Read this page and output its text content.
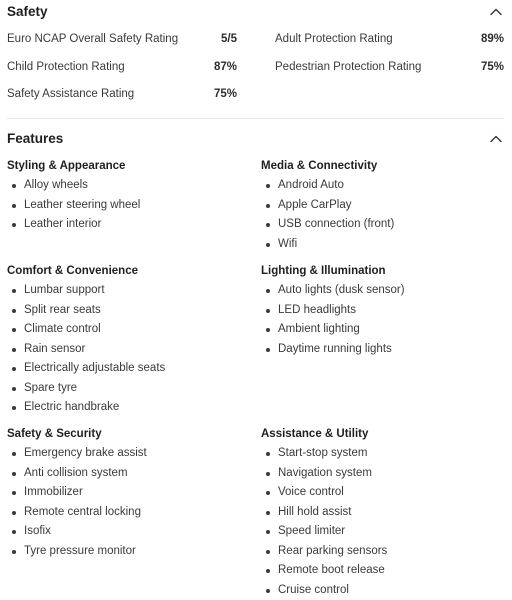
Safety
Euro NCAP Overall Safety Rating	5/5	Adult Protection Rating	89%
Child Protection Rating	87%	Pedestrian Protection Rating	75%
Safety Assistance Rating	75%
Features
Styling & Appearance
Alloy wheels
Leather steering wheel
Leather interior
Media & Connectivity
Android Auto
Apple CarPlay
USB connection (front)
Wifi
Comfort & Convenience
Lumbar support
Split rear seats
Climate control
Rain sensor
Electrically adjustable seats
Spare tyre
Electric handbrake
Lighting & Illumination
Auto lights (dusk sensor)
LED headlights
Ambient lighting
Daytime running lights
Safety & Security
Emergency brake assist
Anti collision system
Immobilizer
Remote central locking
Isofix
Tyre pressure monitor
Assistance & Utility
Start-stop system
Navigation system
Voice control
Hill hold assist
Speed limiter
Rear parking sensors
Remote boot release
Cruise control
